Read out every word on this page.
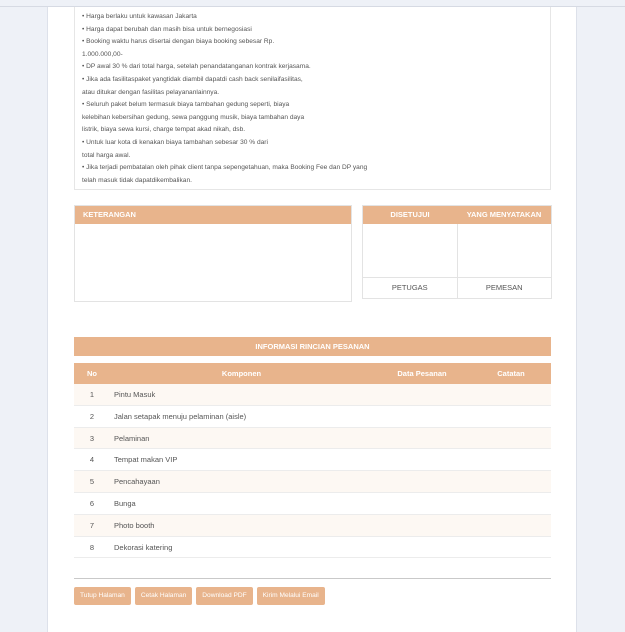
• Harga berlaku untuk kawasan Jakarta
• Harga dapat berubah dan masih bisa untuk bernegosiasi
• Booking waktu harus disertai dengan biaya booking sebesar Rp.
1.000.000,00-
• DP awal 30 % dari total harga, setelah penandatanganan kontrak kerjasama.
• Jika ada fasilitaspaket yangtidak diambil dapatdi cash back senilaifasilitas,
atau ditukar dengan fasilitas pelayananlainnya.
• Seluruh paket belum termasuk biaya tambahan gedung seperti, biaya
kelebihan kebersihan gedung, sewa panggung musik, biaya tambahan daya
listrik, biaya sewa kursi, charge tempat akad nikah, dsb.
• Untuk luar kota di kenakan biaya tambahan sebesar 30 % dari
total harga awal.
• Jika terjadi pembatalan oleh pihak client tanpa sepengetahuan, maka Booking Fee dan DP yang
telah masuk tidak dapatdikembalikan.
KETERANGAN	DISETUJUI	YANG MENYATAKAN
PETUGAS	PEMESAN
INFORMASI RINCIAN PESANAN
No	Komponen	Data Pesanan	Catatan
1	Pintu Masuk
2	Jalan setapak menuju pelaminan (aisle)
3	Pelaminan
4	Tempat makan VIP
5	Pencahayaan
6	Bunga
7	Photo booth
8	Dekorasi katering
Tutup Halaman	Cetak Halaman	Download PDF	Kirim Melalui Email
